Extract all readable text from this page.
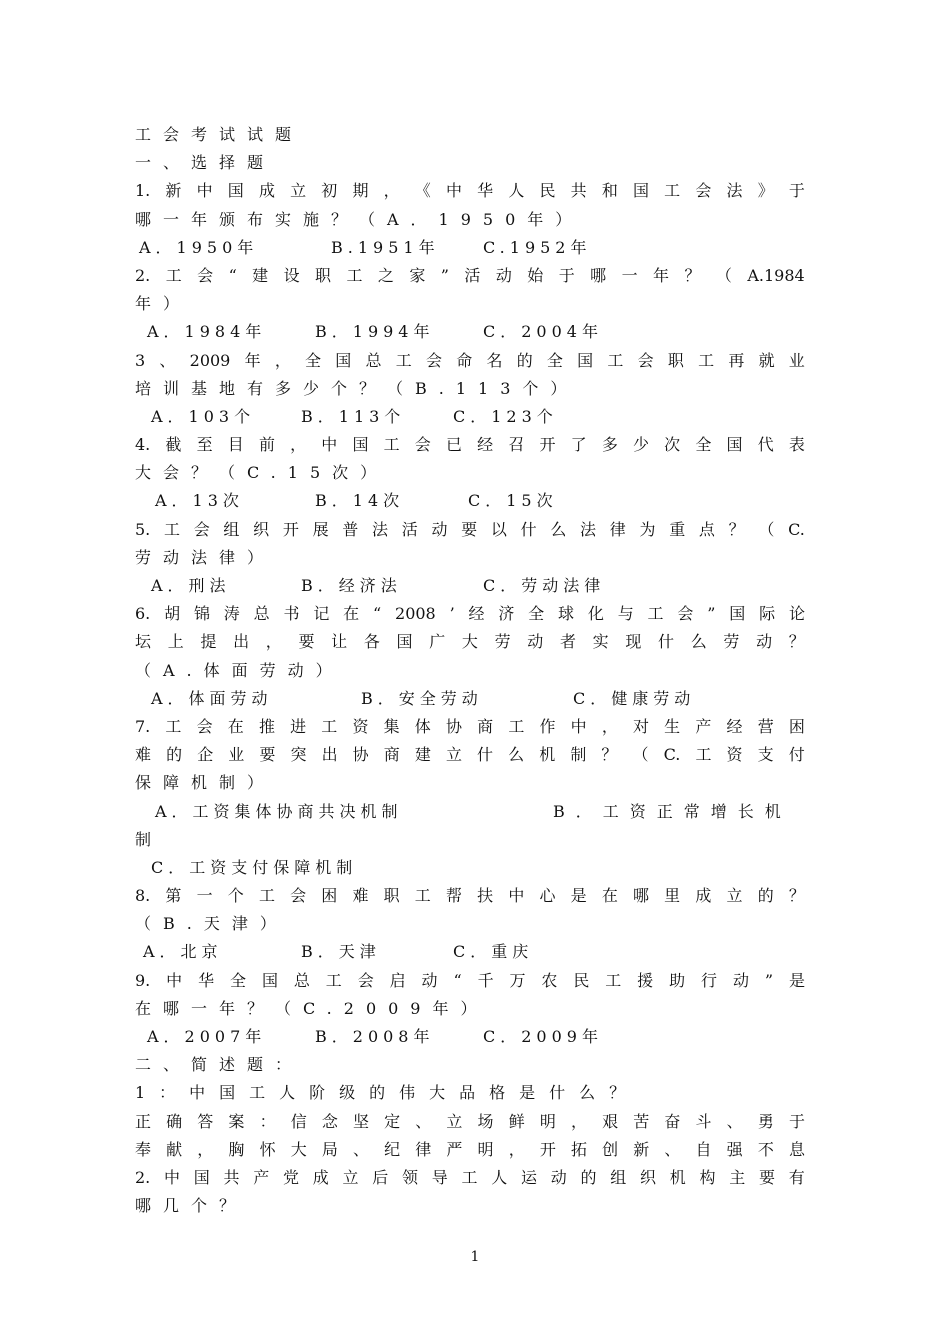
工会考试试题
一、选择题
1. 新 中 国 成 立 初 期 ， 《 中 华 人 民 共 和 国 工 会 法 》 于
哪一年颁布实施？（A．1950年）
A．1950年	B.1951年	C.1952年
2. 工 会 “ 建 设 职 工 之 家 ” 活 动 始 于 哪 一 年 ？ （ A.1984
年）
A．1984年	B．1994年	C．2004年
3 、 2009 年 ， 全 国 总 工 会 命 名 的 全 国 工 会 职 工 再 就 业
培训基地有多少个？（B.113个）
A．103个	B．113个	C．123个
4. 截 至 目 前 ， 中 国 工 会 已 经 召 开 了 多 少 次 全 国 代 表
大会？（C.15次）
A．13次	B．14次	C．15次
5. 工 会 组 织 开 展 普 法 活 动 要 以 什 么 法 律 为 重 点 ？ （ C.
劳动法律）
A．刑法	B．经济法	C．劳动法律
6. 胡 锦 涛 总 书 记 在 “ 2008 ’ 经 济 全 球 化 与 工 会 ” 国 际 论
坛 上 提 出 ， 要 让 各 国 广 大 劳 动 者 实 现 什 么 劳 动 ？
（A.体面劳动）
A．体面劳动	B．安全劳动	C．健康劳动
7. 工 会 在 推 进 工 资 集 体 协 商 工 作 中 ， 对 生 产 经 营 困
难 的 企 业 要 突 出 协 商 建 立 什 么 机 制 ？ （ C. 工 资 支 付
保障机制）
A．工资集体协商共决机制	B．工资正常增长机
制
C．工资支付保障机制
8. 第 一 个 工 会 困 难 职 工 帮 扶 中 心 是 在 哪 里 成 立 的 ？
（B.天津）
A．北京	B．天津	C．重庆
9. 中 华 全 国 总 工 会 启 动 “ 千 万 农 民 工 援 助 行 动 ” 是
在哪一年？（C.2009年）
A．2007年	B．2008年	C．2009年
二、简述题：
1：中国工人阶级的伟大品格是什么？
正 确 答 案 ： 信 念 坚 定 、 立 场 鲜 明 ， 艰 苦 奋 斗 、 勇 于
奉 献 ， 胸 怀 大 局 、 纪 律 严 明 ， 开 拓 创 新 、 自 强 不 息
2. 中 国 共 产 党 成 立 后 领 导 工 人 运 动 的 组 织 机 构 主 要 有
哪几个？
1
